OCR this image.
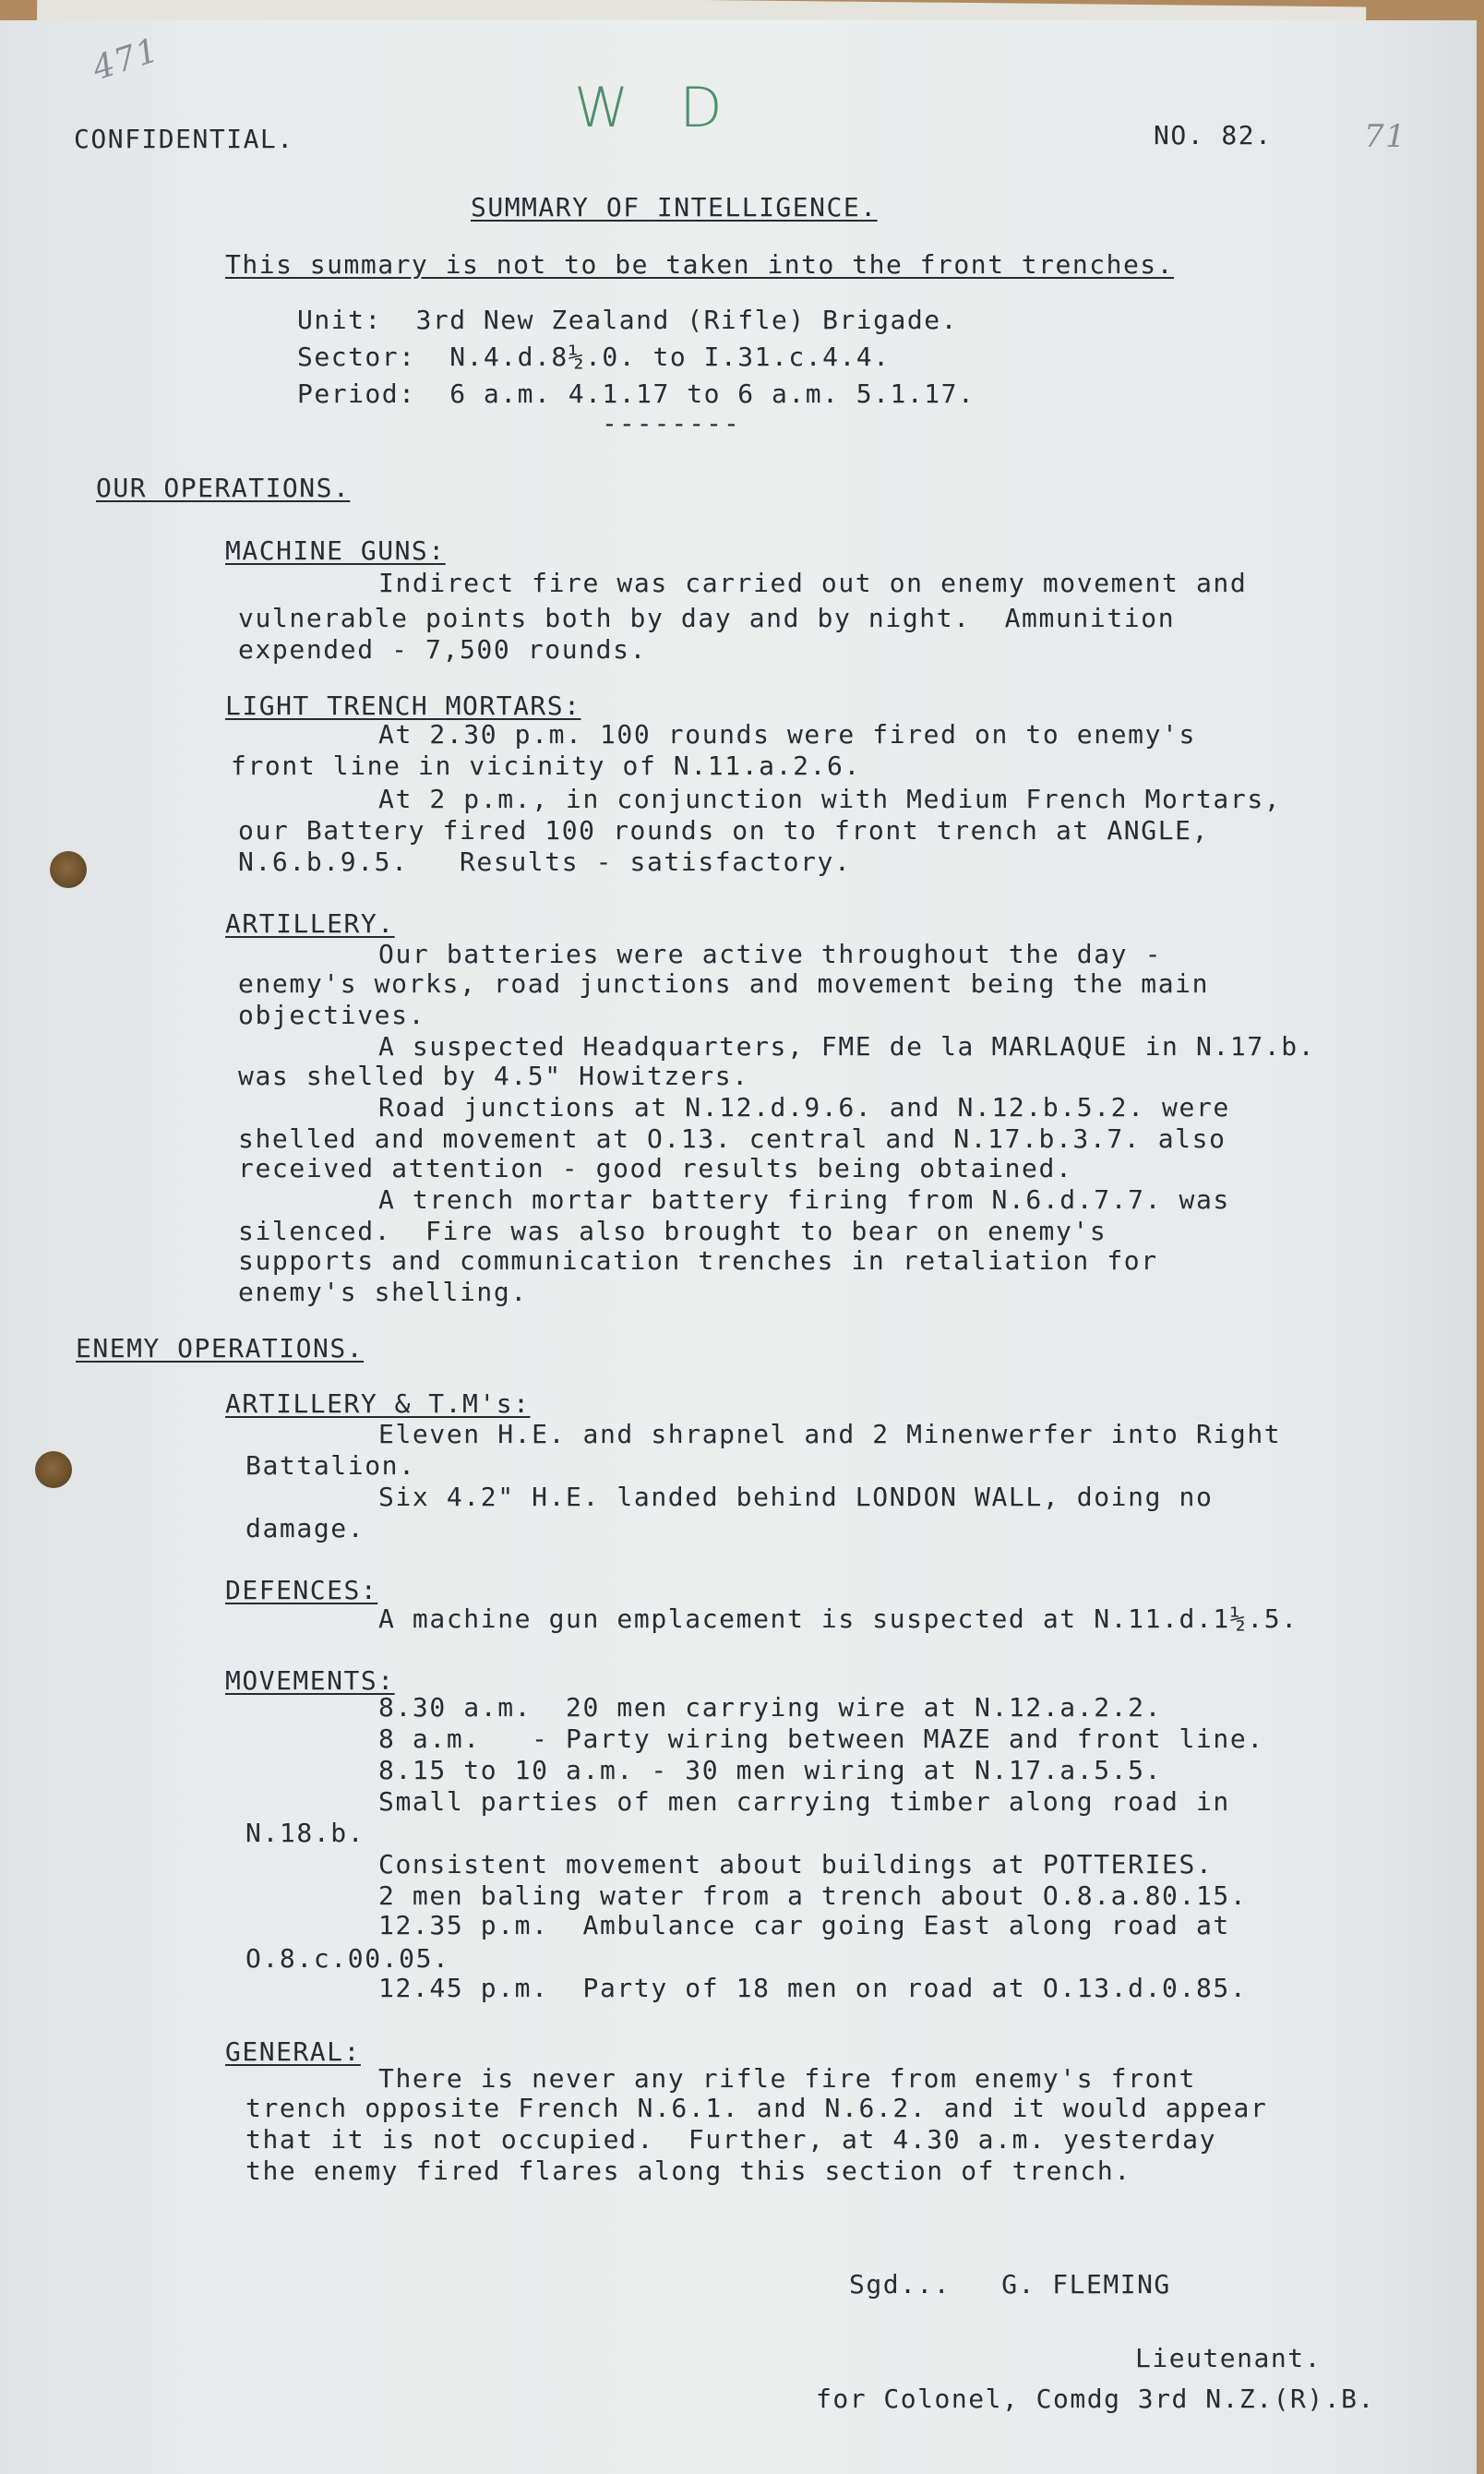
471
W D
CONFIDENTIAL.	NO. 82.	71
SUMMARY OF INTELLIGENCE.
This summary is not to be taken into the front trenches.
Unit:  3rd New Zealand (Rifle) Brigade.
Sector:  N.4.d.8½.0. to I.31.c.4.4.
Period:  6 a.m. 4.1.17 to 6 a.m. 5.1.17.
--------
OUR OPERATIONS.
MACHINE GUNS:
Indirect fire was carried out on enemy movement and
vulnerable points both by day and by night.  Ammunition
expended - 7,500 rounds.
LIGHT TRENCH MORTARS:
At 2.30 p.m. 100 rounds were fired on to enemy's
front line in vicinity of N.11.a.2.6.
At 2 p.m., in conjunction with Medium French Mortars,
our Battery fired 100 rounds on to front trench at ANGLE,
N.6.b.9.5.   Results - satisfactory.
ARTILLERY.
Our batteries were active throughout the day -
enemy's works, road junctions and movement being the main
objectives.
A suspected Headquarters, FME de la MARLAQUE in N.17.b.
was shelled by 4.5" Howitzers.
Road junctions at N.12.d.9.6. and N.12.b.5.2. were
shelled and movement at O.13. central and N.17.b.3.7. also
received attention - good results being obtained.
A trench mortar battery firing from N.6.d.7.7. was
silenced.  Fire was also brought to bear on enemy's
supports and communication trenches in retaliation for
enemy's shelling.
ENEMY OPERATIONS.
ARTILLERY & T.M's:
Eleven H.E. and shrapnel and 2 Minenwerfer into Right
Battalion.
Six 4.2" H.E. landed behind LONDON WALL, doing no
damage.
DEFENCES:
A machine gun emplacement is suspected at N.11.d.1½.5.
MOVEMENTS:
8.30 a.m.  20 men carrying wire at N.12.a.2.2.
8 a.m.   - Party wiring between MAZE and front line.
8.15 to 10 a.m. - 30 men wiring at N.17.a.5.5.
Small parties of men carrying timber along road in
N.18.b.
Consistent movement about buildings at POTTERIES.
2 men baling water from a trench about O.8.a.80.15.
12.35 p.m.  Ambulance car going East along road at
O.8.c.00.05.
12.45 p.m.  Party of 18 men on road at O.13.d.0.85.
GENERAL:
There is never any rifle fire from enemy's front
trench opposite French N.6.1. and N.6.2. and it would appear
that it is not occupied.  Further, at 4.30 a.m. yesterday
the enemy fired flares along this section of trench.
Sgd...   G. FLEMING
Lieutenant.
for Colonel, Comdg 3rd N.Z.(R).B.
